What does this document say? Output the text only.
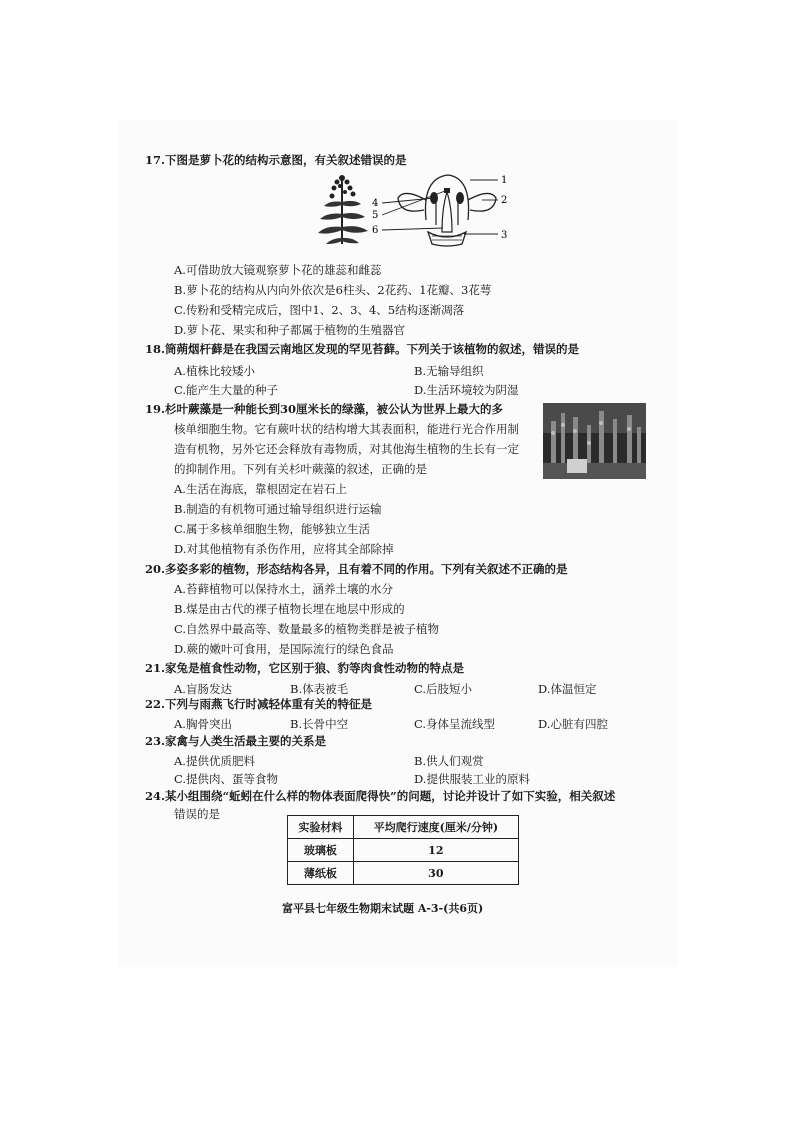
17.下图是萝卜花的结构示意图，有关叙述错误的是
1
2
3
4
5
6
A.可借助放大镜观察萝卜花的雄蕊和雌蕊
B.萝卜花的结构从内向外依次是6柱头、2花药、1花瓣、3花萼
C.传粉和受精完成后，图中1、2、3、4、5结构逐渐凋落
D.萝卜花、果实和种子都属于植物的生殖器官
18.筒蒴烟杆藓是在我国云南地区发现的罕见苔藓。下列关于该植物的叙述，错误的是
A.植株比较矮小	B.无输导组织
C.能产生大量的种子	D.生活环境较为阴湿
19.杉叶蕨藻是一种能长到30厘米长的绿藻，被公认为世界上最大的多
核单细胞生物。它有蕨叶状的结构增大其表面积，能进行光合作用制
造有机物，另外它还会释放有毒物质，对其他海生植物的生长有一定
的抑制作用。下列有关杉叶蕨藻的叙述，正确的是
A.生活在海底，靠根固定在岩石上
B.制造的有机物可通过输导组织进行运输
C.属于多核单细胞生物，能够独立生活
D.对其他植物有杀伤作用，应将其全部除掉
20.多姿多彩的植物，形态结构各异，且有着不同的作用。下列有关叙述不正确的是
A.苔藓植物可以保持水土，涵养土壤的水分
B.煤是由古代的裸子植物长埋在地层中形成的
C.自然界中最高等、数量最多的植物类群是被子植物
D.蕨的嫩叶可食用，是国际流行的绿色食品
21.家兔是植食性动物，它区别于狼、豹等肉食性动物的特点是
A.盲肠发达	B.体表被毛	C.后肢短小	D.体温恒定
22.下列与雨燕飞行时减轻体重有关的特征是
A.胸骨突出	B.长骨中空	C.身体呈流线型	D.心脏有四腔
23.家禽与人类生活最主要的关系是
A.提供优质肥料	B.供人们观赏
C.提供肉、蛋等食物	D.提供服装工业的原料
24.某小组围绕“蚯蚓在什么样的物体表面爬得快”的问题，讨论并设计了如下实验，相关叙述
错误的是
实验材料	平均爬行速度(厘米/分钟)
玻璃板	12
薄纸板	30
富平县七年级生物期末试题 A-3-(共6页)
